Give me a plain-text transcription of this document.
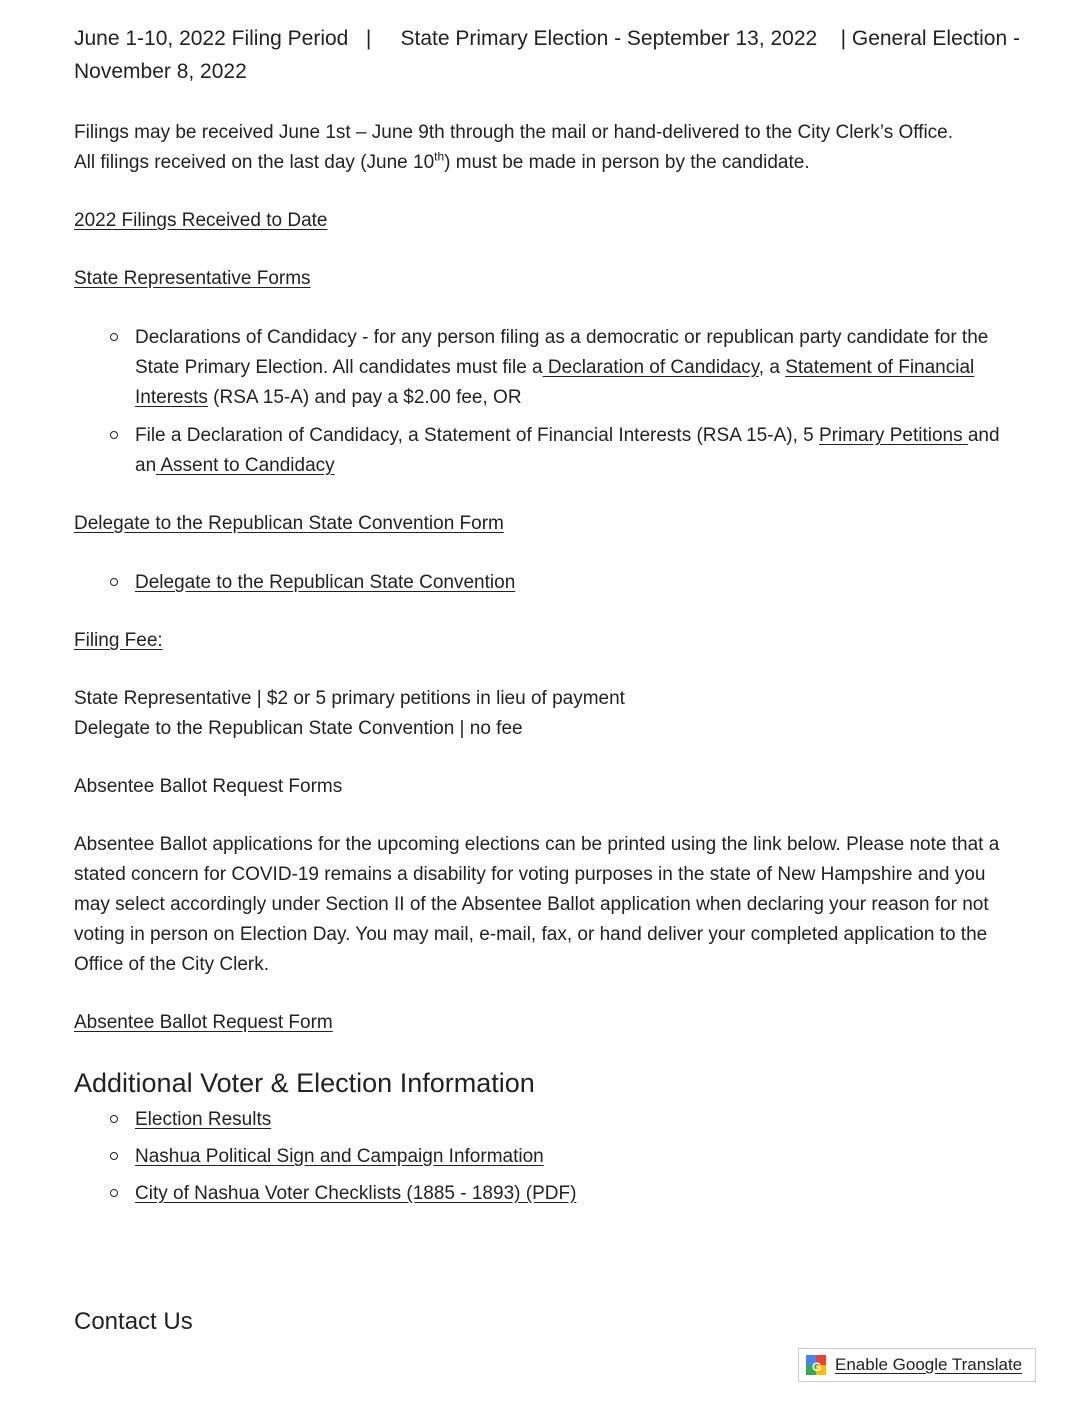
June 1-10, 2022 Filing Period | State Primary Election - September 13, 2022 | General Election - November 8, 2022

Filings may be received June 1st – June 9th through the mail or hand-delivered to the City Clerk’s Office.
All filings received on the last day (June 10th) must be made in person by the candidate.

2022 Filings Received to Date

State Representative Forms

Declarations of Candidacy - for any person filing as a democratic or republican party candidate for the State Primary Election. All candidates must file a Declaration of Candidacy, a Statement of Financial Interests (RSA 15-A) and pay a $2.00 fee, OR
File a Declaration of Candidacy, a Statement of Financial Interests (RSA 15-A), 5 Primary Petitions and an Assent to Candidacy

Delegate to the Republican State Convention Form

Delegate to the Republican State Convention

Filing Fee:

State Representative | $2 or 5 primary petitions in lieu of payment
Delegate to the Republican State Convention | no fee

Absentee Ballot Request Forms

Absentee Ballot applications for the upcoming elections can be printed using the link below. Please note that a stated concern for COVID-19 remains a disability for voting purposes in the state of New Hampshire and you may select accordingly under Section II of the Absentee Ballot application when declaring your reason for not voting in person on Election Day. You may mail, e-mail, fax, or hand deliver your completed application to the Office of the City Clerk.

Absentee Ballot Request Form

Additional Voter & Election Information
Election Results
Nashua Political Sign and Campaign Information
City of Nashua Voter Checklists (1885 - 1893) (PDF)
Contact Us
G Enable Google Translate
